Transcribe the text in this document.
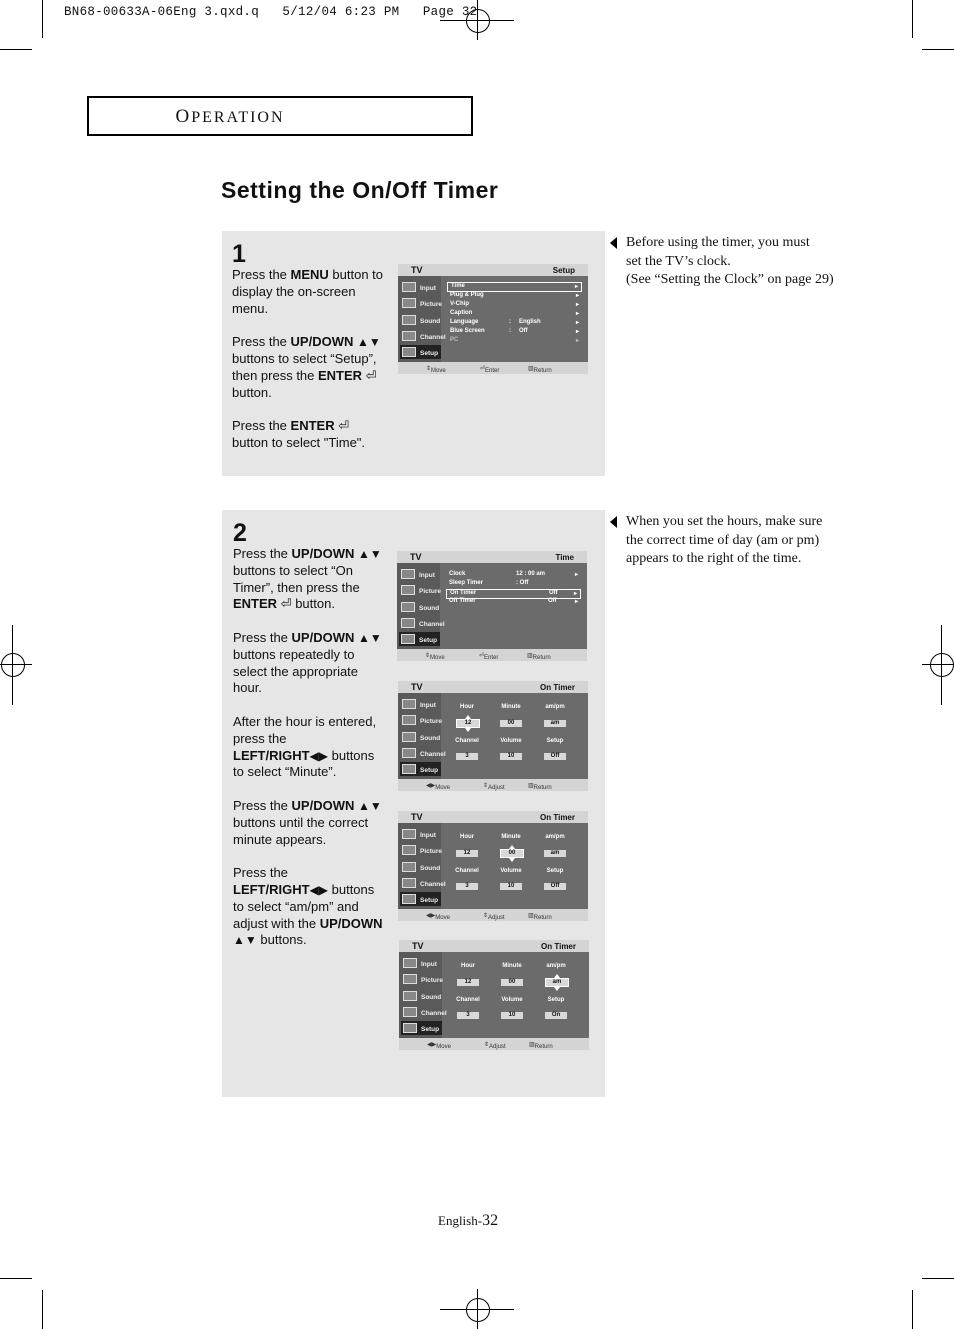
BN68-00633A-06Eng 3.qxd.q   5/12/04 6:23 PM   Page 32
OPERATION
Setting the On/Off Timer
1

Press the MENU button to display the on-screen menu.

Press the UP/DOWN ▲▼ buttons to select “Setup”, then press the ENTER ⏎ button.

Press the ENTER ⏎ button to select "Time".

TV	Setup
Input
Picture
Sound
Channel
Setup
Time	▸
Plug & Plug	▸
V-Chip	▸
Caption	▸
Language	: English	▸
Blue Screen	: Off	▸
PC	▸
⇕ Move	⏎ Enter	▥ Return
2

Press the UP/DOWN ▲▼ buttons to select “On Timer”, then press the ENTER ⏎ button.

Press the UP/DOWN ▲▼ buttons repeatedly to select the appropriate hour.

After the hour is entered, press the LEFT/RIGHT◀▶ buttons to select “Minute”.

Press the UP/DOWN ▲▼ buttons until the correct minute appears.

Press the LEFT/RIGHT◀▶ buttons to select “am/pm” and adjust with the UP/DOWN ▲▼ buttons.

TV	Time
Input
Picture
Sound
Channel
Setup
Clock	12 : 00 am	▸
Sleep Timer	: Off
On Timer	Off	▸
Off Timer	Off	▸
⇕ Move	⏎ Enter	▥ Return
TV	On Timer
Input
Picture
Sound
Channel
Setup
Hour	Minute	am/pm
12	00	am
Channel	Volume	Setup
3	10	Off
◀▶ Move	⇕ Adjust	▥ Return
TV	On Timer
Input
Picture
Sound
Channel
Setup
Hour	Minute	am/pm
12	00	am
Channel	Volume	Setup
3	10	Off
◀▶ Move	⇕ Adjust	▥ Return
TV	On Timer
Input
Picture
Sound
Channel
Setup
Hour	Minute	am/pm
12	00	am
Channel	Volume	Setup
3	10	On
◀▶ Move	⇕ Adjust	▥ Return
Before using the timer, you must
set the TV’s clock.
(See “Setting the Clock” on page 29)
When you set the hours, make sure
the correct time of day (am or pm)
appears to the right of the time.
English-32
